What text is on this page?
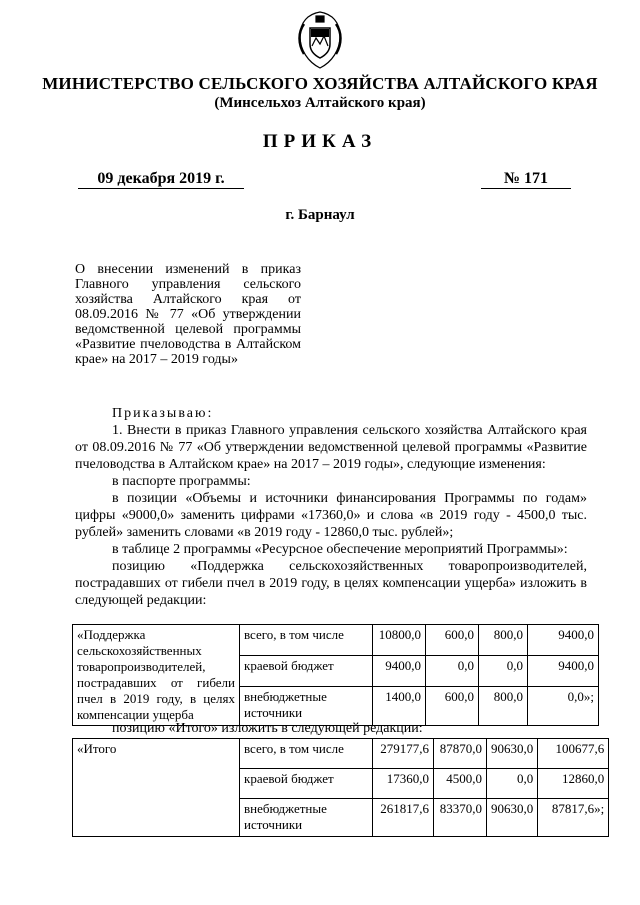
МИНИСТЕРСТВО СЕЛЬСКОГО ХОЗЯЙСТВА АЛТАЙСКОГО КРАЯ
(Минсельхоз Алтайского края)
ПРИКАЗ
09 декабря 2019 г.	№ 171
г. Барнаул

О внесении изменений в приказ Главного управления сельского хозяйства Алтайского края от 08.09.2016 № 77 «Об утверждении ведомственной целевой программы «Развитие пчеловодства в Алтайском крае» на 2017 – 2019 годы»

Приказываю:

1. Внести в приказ Главного управления сельского хозяйства Алтайского края от 08.09.2016 № 77 «Об утверждении ведомственной целевой программы «Развитие пчеловодства в Алтайском крае» на 2017 – 2019 годы», следующие изменения:

в паспорте программы:

в позиции «Объемы и источники финансирования Программы по годам» цифры «9000,0» заменить цифрами «17360,0» и слова «в 2019 году - 4500,0 тыс. рублей» заменить словами «в 2019 году - 12860,0 тыс. рублей»;

в таблице 2 программы «Ресурсное обеспечение мероприятий Программы»:

позицию «Поддержка сельскохозяйственных товаропроизводителей, пострадавших от гибели пчел в 2019 году, в целях компенсации ущерба» изложить в следующей редакции:

«Поддержка сельскохозяйственных товаропроизводителей, пострадавших от гибели пчел в 2019 году, в целях компенсации ущерба	всего, в том числе	10800,0	600,0	800,0	9400,0
	краевой бюджет	9400,0	0,0	0,0	9400,0
	внебюджетные источники	1400,0	600,0	800,0	0,0»;
позицию «Итого» изложить в следующей редакции:
«Итого	всего, в том числе	279177,6	87870,0	90630,0	100677,6
	краевой бюджет	17360,0	4500,0	0,0	12860,0
	внебюджетные источники	261817,6	83370,0	90630,0	87817,6»;
